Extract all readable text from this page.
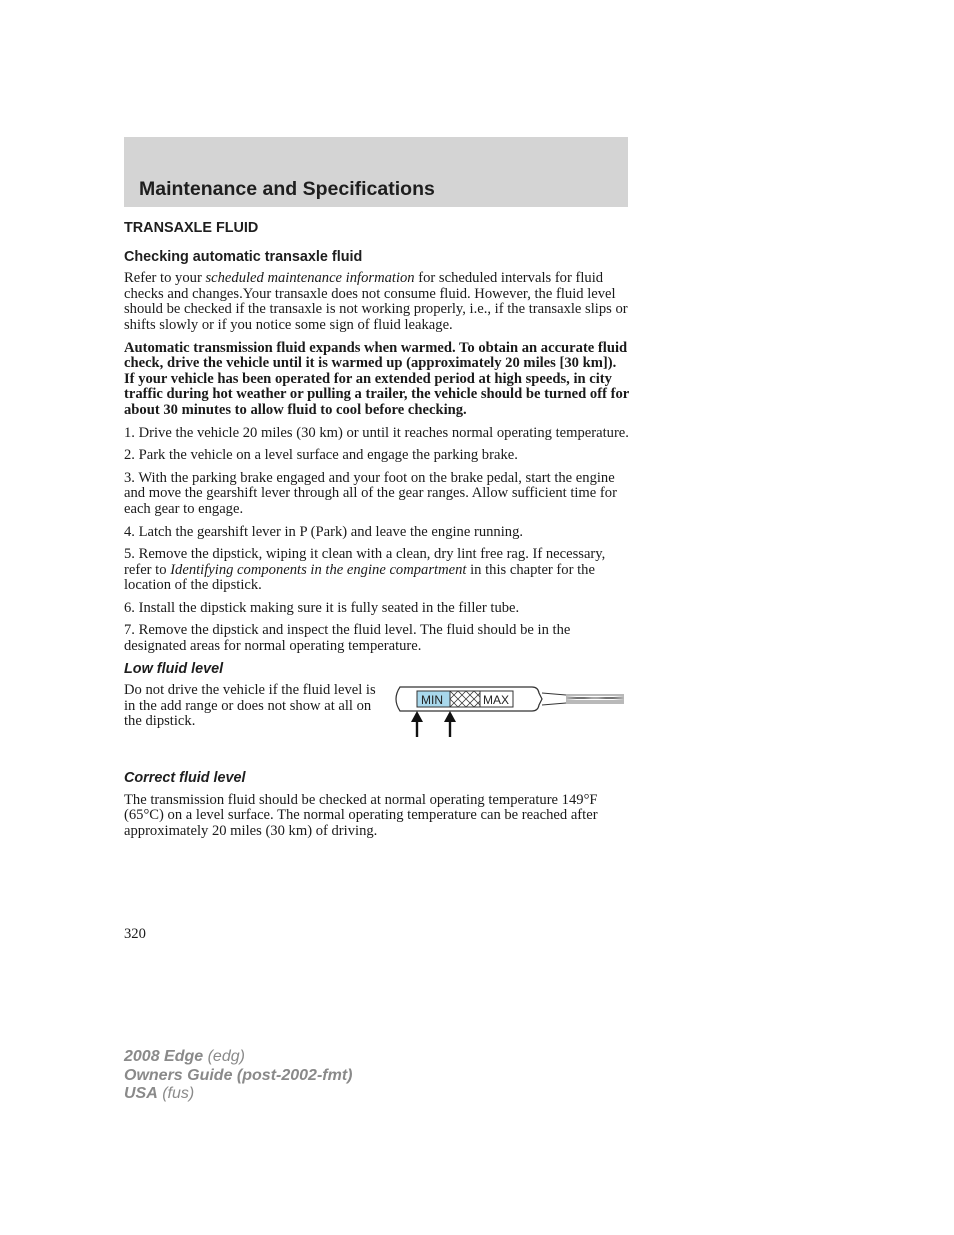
Maintenance and Specifications
TRANSAXLE FLUID
Checking automatic transaxle fluid

Refer to your scheduled maintenance information for scheduled intervals for fluid checks and changes.Your transaxle does not consume fluid. However, the fluid level should be checked if the transaxle is not working properly, i.e., if the transaxle slips or shifts slowly or if you notice some sign of fluid leakage.

Automatic transmission fluid expands when warmed. To obtain an accurate fluid check, drive the vehicle until it is warmed up (approximately 20 miles [30 km]). If your vehicle has been operated for an extended period at high speeds, in city traffic during hot weather or pulling a trailer, the vehicle should be turned off for about 30 minutes to allow fluid to cool before checking.

1. Drive the vehicle 20 miles (30 km) or until it reaches normal operating temperature.

2. Park the vehicle on a level surface and engage the parking brake.

3. With the parking brake engaged and your foot on the brake pedal, start the engine and move the gearshift lever through all of the gear ranges. Allow sufficient time for each gear to engage.

4. Latch the gearshift lever in P (Park) and leave the engine running.

5. Remove the dipstick, wiping it clean with a clean, dry lint free rag. If necessary, refer to Identifying components in the engine compartment in this chapter for the location of the dipstick.

6. Install the dipstick making sure it is fully seated in the filler tube.

7. Remove the dipstick and inspect the fluid level. The fluid should be in the designated areas for normal operating temperature.

Low fluid level
Do not drive the vehicle if the fluid level is in the add range or does not show at all on the dipstick.
MIN	MAX
Correct fluid level

The transmission fluid should be checked at normal operating temperature 149°F (65°C) on a level surface. The normal operating temperature can be reached after approximately 20 miles (30 km) of driving.

320
2008 Edge (edg)
Owners Guide (post-2002-fmt)
USA (fus)
